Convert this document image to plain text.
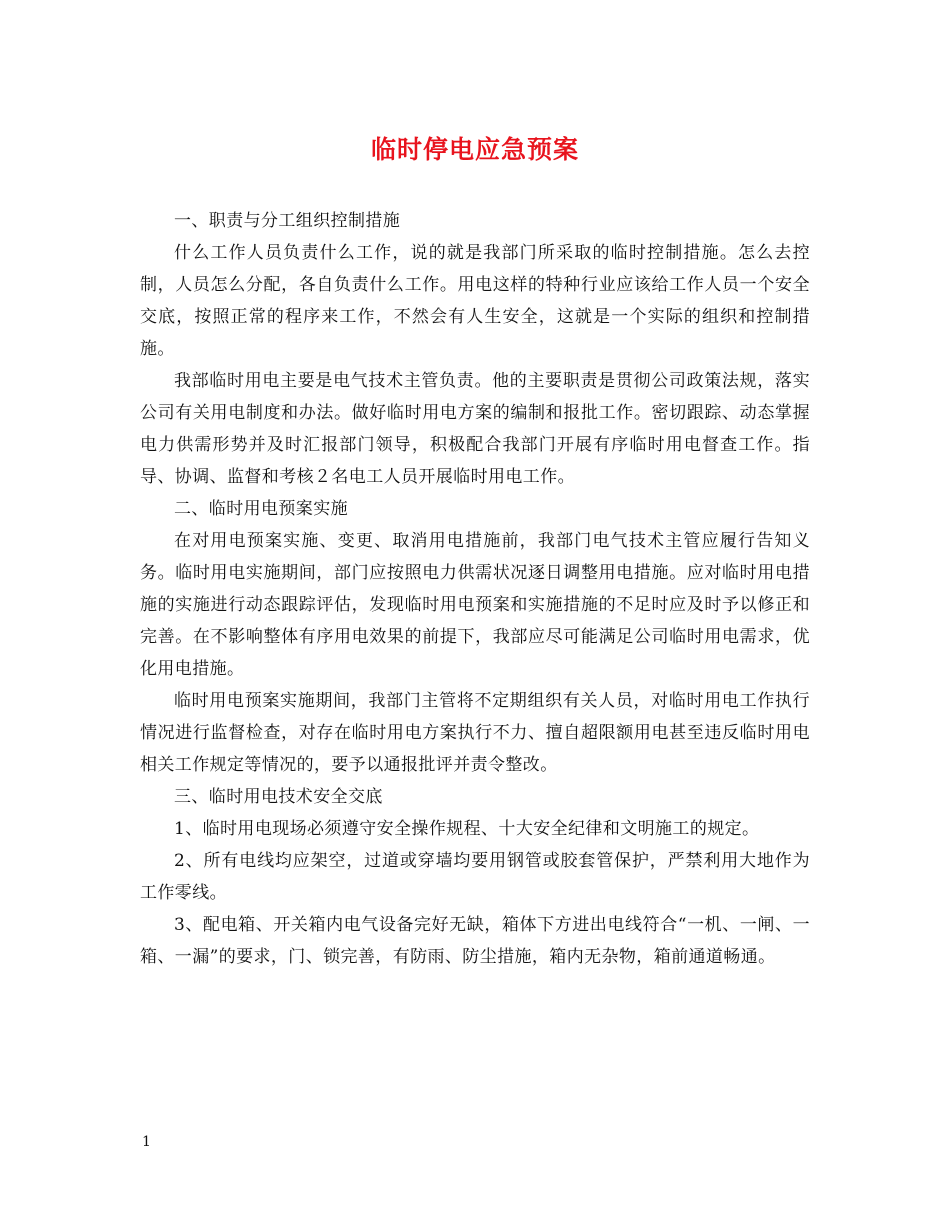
临时停电应急预案

一、职责与分工组织控制措施

什么工作人员负责什么工作，说的就是我部门所采取的临时控制措施。怎么去控制，人员怎么分配，各自负责什么工作。用电这样的特种行业应该给工作人员一个安全交底，按照正常的程序来工作，不然会有人生安全，这就是一个实际的组织和控制措施。

我部临时用电主要是电气技术主管负责。他的主要职责是贯彻公司政策法规，落实公司有关用电制度和办法。做好临时用电方案的编制和报批工作。密切跟踪、动态掌握电力供需形势并及时汇报部门领导，积极配合我部门开展有序临时用电督查工作。指导、协调、监督和考核２名电工人员开展临时用电工作。

二、临时用电预案实施

在对用电预案实施、变更、取消用电措施前，我部门电气技术主管应履行告知义务。临时用电实施期间，部门应按照电力供需状况逐日调整用电措施。应对临时用电措施的实施进行动态跟踪评估，发现临时用电预案和实施措施的不足时应及时予以修正和完善。在不影响整体有序用电效果的前提下，我部应尽可能满足公司临时用电需求，优化用电措施。

临时用电预案实施期间，我部门主管将不定期组织有关人员，对临时用电工作执行情况进行监督检查，对存在临时用电方案执行不力、擅自超限额用电甚至违反临时用电相关工作规定等情况的，要予以通报批评并责令整改。

三、临时用电技术安全交底

1、临时用电现场必须遵守安全操作规程、十大安全纪律和文明施工的规定。

2、所有电线均应架空，过道或穿墙均要用钢管或胶套管保护，严禁利用大地作为工作零线。

3、配电箱、开关箱内电气设备完好无缺，箱体下方进出电线符合“一机、一闸、一箱、一漏”的要求，门、锁完善，有防雨、防尘措施，箱内无杂物，箱前通道畅通。

1
